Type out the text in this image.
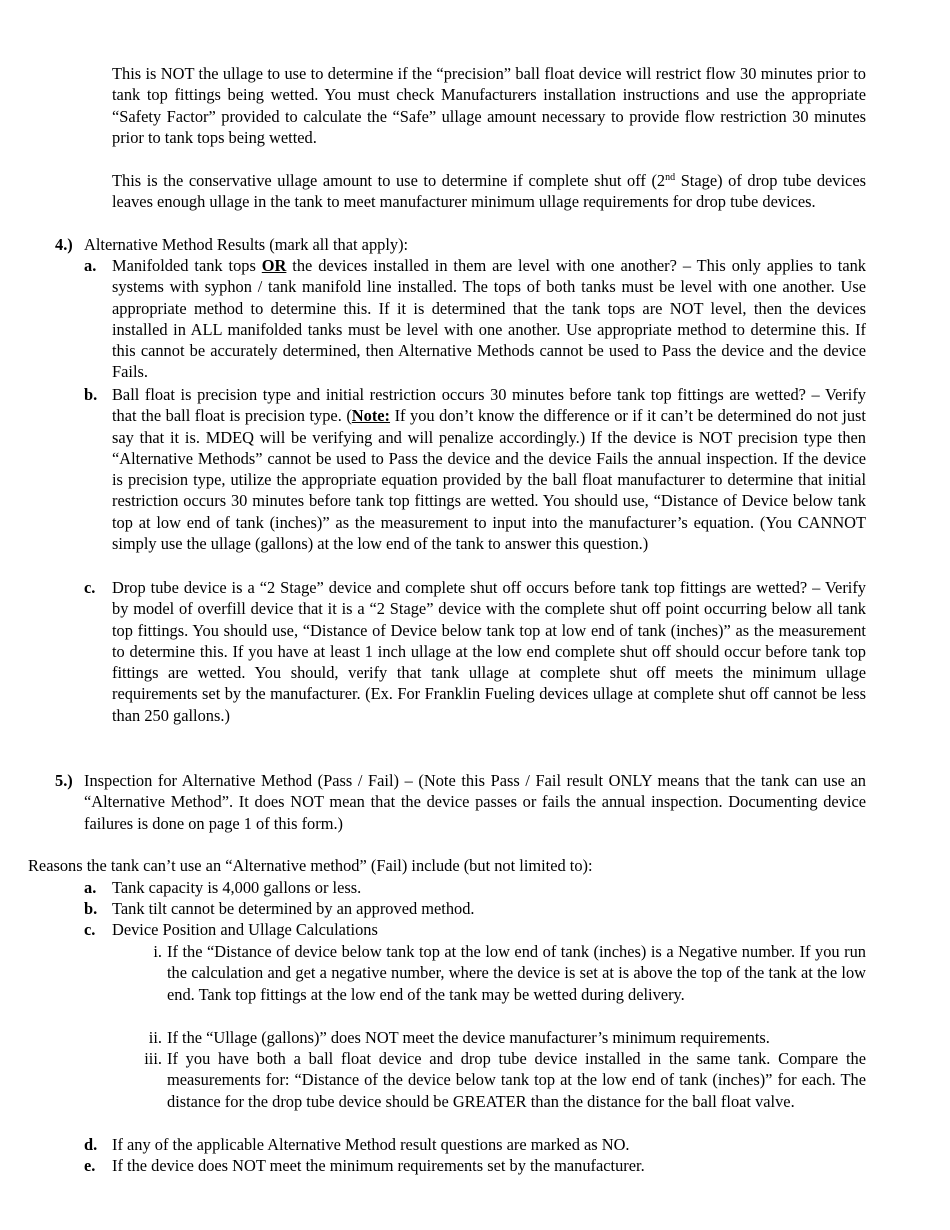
This is NOT the ullage to use to determine if the “precision” ball float device will restrict flow 30 minutes prior to tank top fittings being wetted. You must check Manufacturers installation instructions and use the appropriate “Safety Factor” provided to calculate the “Safe” ullage amount necessary to provide flow restriction 30 minutes prior to tank tops being wetted.
This is the conservative ullage amount to use to determine if complete shut off (2nd Stage) of drop tube devices leaves enough ullage in the tank to meet manufacturer minimum ullage requirements for drop tube devices.
4.) Alternative Method Results (mark all that apply):
a. Manifolded tank tops OR the devices installed in them are level with one another? – This only applies to tank systems with syphon / tank manifold line installed. The tops of both tanks must be level with one another. Use appropriate method to determine this. If it is determined that the tank tops are NOT level, then the devices installed in ALL manifolded tanks must be level with one another. Use appropriate method to determine this. If this cannot be accurately determined, then Alternative Methods cannot be used to Pass the device and the device Fails.
b. Ball float is precision type and initial restriction occurs 30 minutes before tank top fittings are wetted? – Verify that the ball float is precision type. (Note: If you don’t know the difference or if it can’t be determined do not just say that it is. MDEQ will be verifying and will penalize accordingly.) If the device is NOT precision type then “Alternative Methods” cannot be used to Pass the device and the device Fails the annual inspection. If the device is precision type, utilize the appropriate equation provided by the ball float manufacturer to determine that initial restriction occurs 30 minutes before tank top fittings are wetted. You should use, “Distance of Device below tank top at low end of tank (inches)” as the measurement to input into the manufacturer’s equation. (You CANNOT simply use the ullage (gallons) at the low end of the tank to answer this question.)
c. Drop tube device is a “2 Stage” device and complete shut off occurs before tank top fittings are wetted? – Verify by model of overfill device that it is a “2 Stage” device with the complete shut off point occurring below all tank top fittings. You should use, “Distance of Device below tank top at low end of tank (inches)” as the measurement to determine this. If you have at least 1 inch ullage at the low end complete shut off should occur before tank top fittings are wetted. You should, verify that tank ullage at complete shut off meets the minimum ullage requirements set by the manufacturer. (Ex. For Franklin Fueling devices ullage at complete shut off cannot be less than 250 gallons.)
5.) Inspection for Alternative Method (Pass / Fail) – (Note this Pass / Fail result ONLY means that the tank can use an “Alternative Method”. It does NOT mean that the device passes or fails the annual inspection. Documenting device failures is done on page 1 of this form.)
Reasons the tank can’t use an “Alternative method” (Fail) include (but not limited to):
a. Tank capacity is 4,000 gallons or less.
b. Tank tilt cannot be determined by an approved method.
c. Device Position and Ullage Calculations
i. If the “Distance of device below tank top at the low end of tank (inches) is a Negative number. If you run the calculation and get a negative number, where the device is set at is above the top of the tank at the low end. Tank top fittings at the low end of the tank may be wetted during delivery.
ii. If the “Ullage (gallons)” does NOT meet the device manufacturer’s minimum requirements.
iii. If you have both a ball float device and drop tube device installed in the same tank. Compare the measurements for: “Distance of the device below tank top at the low end of tank (inches)” for each. The distance for the drop tube device should be GREATER than the distance for the ball float valve.
d. If any of the applicable Alternative Method result questions are marked as NO.
e. If the device does NOT meet the minimum requirements set by the manufacturer.
